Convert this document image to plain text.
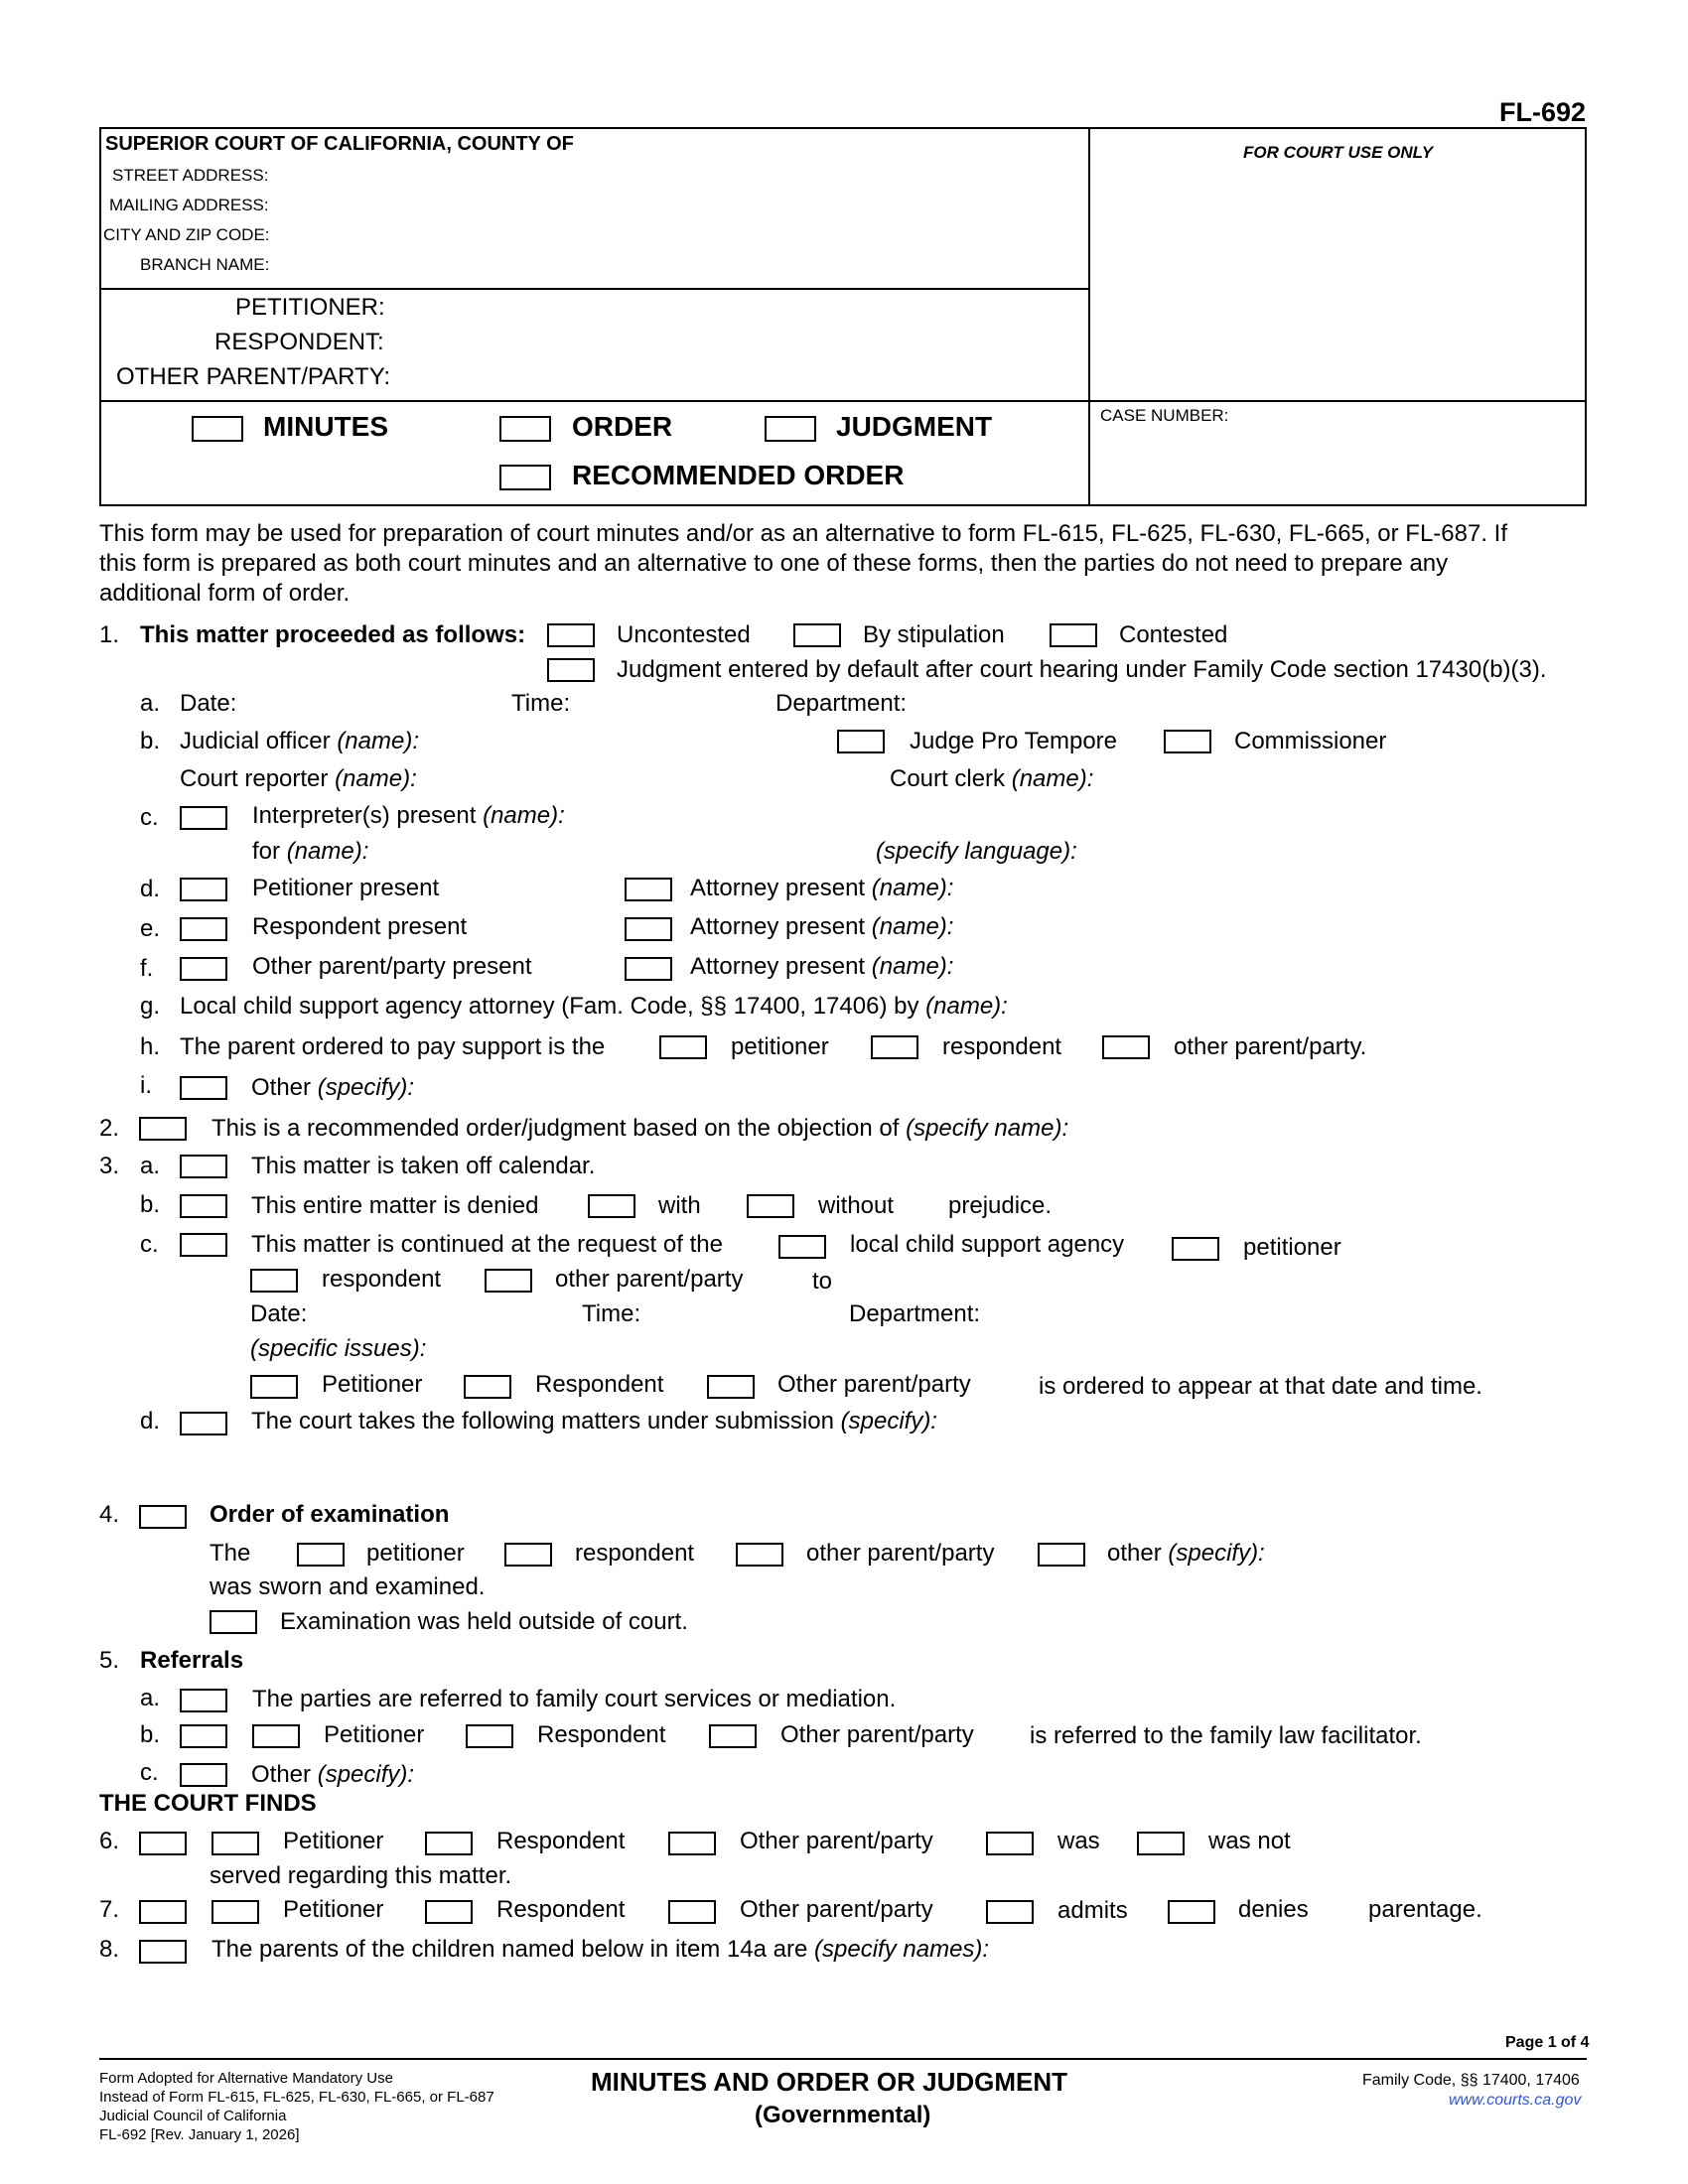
FL-692
SUPERIOR COURT OF CALIFORNIA, COUNTY OF
STREET ADDRESS:
MAILING ADDRESS:
CITY AND ZIP CODE:
BRANCH NAME:
FOR COURT USE ONLY
PETITIONER:
RESPONDENT:
OTHER PARENT/PARTY:
CASE NUMBER:
MINUTES	ORDER	JUDGMENT
RECOMMENDED ORDER
This form may be used for preparation of court minutes and/or as an alternative to form FL-615, FL-625, FL-630, FL-665, or FL-687. If
this form is prepared as both court minutes and an alternative to one of these forms, then the parties do not need to prepare any
additional form of order.
1. This matter proceeded as follows:	Uncontested	By stipulation	Contested
Judgment entered by default after court hearing under Family Code section 17430(b)(3).
a. Date:	Time:	Department:
b. Judicial officer (name):	Judge Pro Tempore	Commissioner
Court reporter (name):	Court clerk (name):
c.	Interpreter(s) present (name):
for (name):	(specify language):
d.	Petitioner present	Attorney present (name):
e.	Respondent present	Attorney present (name):
f.	Other parent/party present	Attorney present (name):
g. Local child support agency attorney (Fam. Code, §§ 17400, 17406) by (name):
h. The parent ordered to pay support is the	petitioner	respondent	other parent/party.
i.	Other (specify):
2.	This is a recommended order/judgment based on the objection of (specify name):
3. a.	This matter is taken off calendar.
b.	This entire matter is denied	with	without prejudice.
c.	This matter is continued at the request of the	local child support agency	petitioner
respondent	other parent/party	to
Date:	Time:	Department:
(specific issues):
Petitioner	Respondent	Other parent/party	is ordered to appear at that date and time.
d.	The court takes the following matters under submission (specify):
4.	Order of examination
The	petitioner	respondent	other parent/party	other (specify):
was sworn and examined.
Examination was held outside of court.
5. Referrals
a.	The parties are referred to family court services or mediation.
b.	Petitioner	Respondent	Other parent/party is referred to the family law facilitator.
c.	Other (specify):
THE COURT FINDS
6.	Petitioner	Respondent	Other parent/party	was	was not
served regarding this matter.
7.	Petitioner	Respondent	Other parent/party	admits	denies	parentage.
8.	The parents of the children named below in item 14a are (specify names):
Page 1 of 4
Form Adopted for Alternative Mandatory Use
Instead of Form FL-615, FL-625, FL-630, FL-665, or FL-687
Judicial Council of California
FL-692 [Rev. January 1, 2026]
MINUTES AND ORDER OR JUDGMENT
(Governmental)
Family Code, §§ 17400, 17406
www.courts.ca.gov
